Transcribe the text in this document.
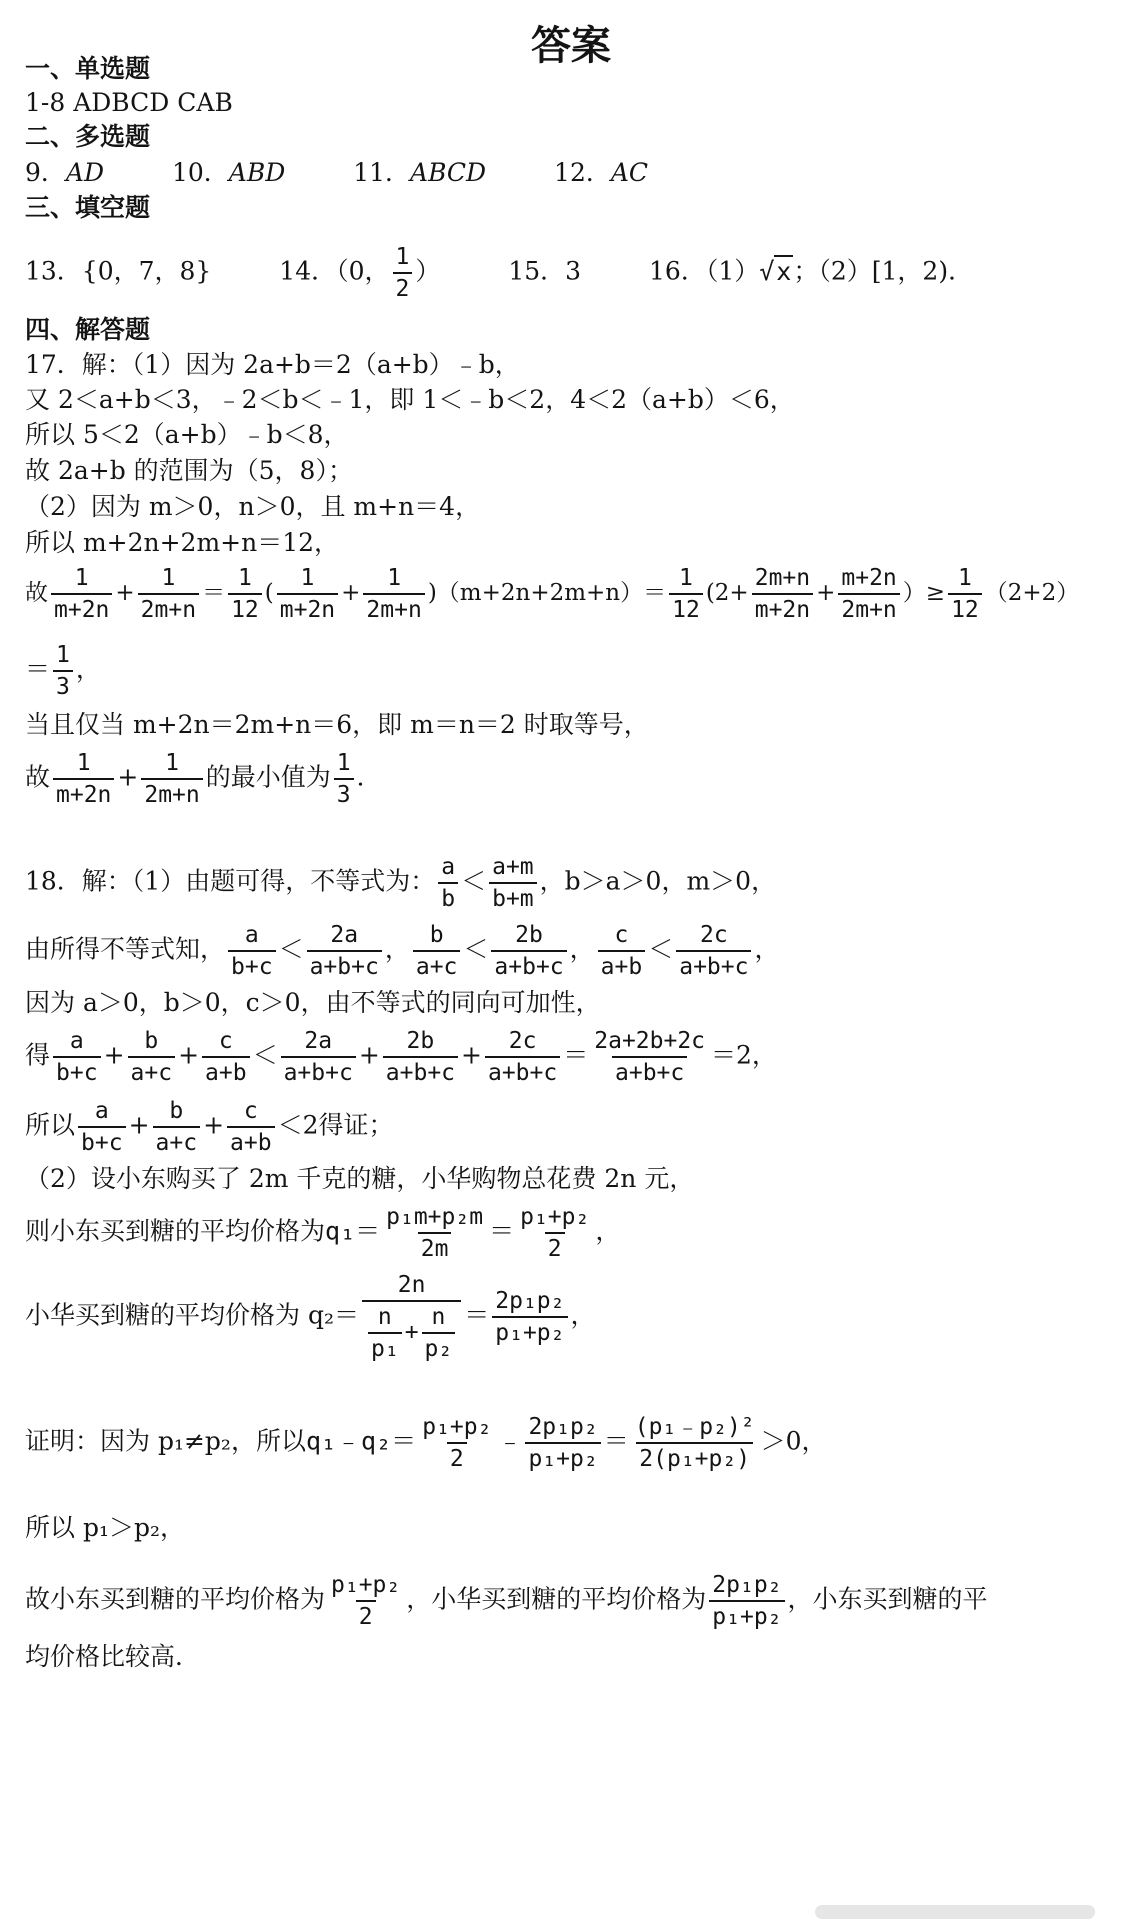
答案
一、单选题
1-8 ADBCD CAB
二、多选题
9．AD	10．ABD	11．ABCD	12．AC
三、填空题
13．{0，7，8}	14．（0， $\frac{1}{2}$ ）	15．3	16．（1）√x；（2）[1，2)．
四、解答题
17．解：（1）因为 2a+b＝2（a+b）﹣b，
又 2＜a+b＜3，﹣2＜b＜﹣1，即 1＜﹣b＜2，4＜2（a+b）＜6，
所以 5＜2（a+b）﹣b＜8，
故 2a+b 的范围为（5，8）；
（2）因为 m＞0，n＞0，且 m+n＝4，
所以 m+2n+2m+n＝12，
故 $\frac{1}{m+2n} + \frac{1}{2m+n} = \frac{1}{12}$ ( $\frac{1}{m+2n} + \frac{1}{2m+n} )(m+2n+2m+n)= \frac{1}{12} (2+ \frac{2m+n}{m+2n} + \frac{m+2n}{2m+n}$ ）≥ $\frac{1}{12} (2+2)$
＝ $\frac{1}{3}$ ，
当且仅当 m+2n＝2m+n＝6，即 m＝n＝2 时取等号，
故 $\frac{1}{m+2n} + \frac{1}{2m+n}$ 的最小值为 $\frac{1}{3}$ ．
18．解：（1）由题可得，不等式为： $\frac{a}{b} < \frac{a+m}{b+m}$ ，b＞a＞0，m＞0，
由所得不等式知， $\frac{a}{b+c} < \frac{2a}{a+b+c}$ ， $\frac{b}{a+c} < \frac{2b}{a+b+c}$ ， $\frac{c}{a+b} < \frac{2c}{a+b+c}$ ，
因为 a＞0，b＞0，c＞0，由不等式的同向可加性，
得 $\frac{a}{b+c} + \frac{b}{a+c} + \frac{c}{a+b} < \frac{2a}{a+b+c} + \frac{2b}{a+b+c} + \frac{2c}{a+b+c} = \frac{2a+2b+2c}{a+b+c} =2$，
所以 $\frac{a}{b+c} + \frac{b}{a+c} + \frac{c}{a+b} <2$得证；
（2）设小东购买了 2m 千克的糖，小华购物总花费 2n 元，
则小东买到糖的平均价格为$q_1= \frac{\text{p₁m+p₂m}}{2m} = \frac{\text{p₁+p₂}}{2}$ ，
小华买到糖的平均价格为 $q_2= \frac{2n}{\frac{n}{\text{p₁}} + \frac{n}{\text{p₂}}} = \frac{\text{2p₁p₂}}{\text{p₁+p₂}}$ ，
证明：因为 p₁≠p₂，所以q₁﹣q₂＝ $\frac{\text{p₁+p₂}}{2}$ ﹣ $\frac{\text{2p₁p₂}}{\text{p₁+p₂}} = \frac{\text{(p₁﹣p₂)²}}{\text{2(p₁+p₂)}} >0$，
所以 p₁＞p₂，
故小东买到糖的平均价格为 $\frac{\text{p₁+p₂}}{2}$ ，小华买到糖的平均价格为 $\frac{\text{2p₁p₂}}{\text{p₁+p₂}}$ ，小东买到糖的平
均价格比较高．
